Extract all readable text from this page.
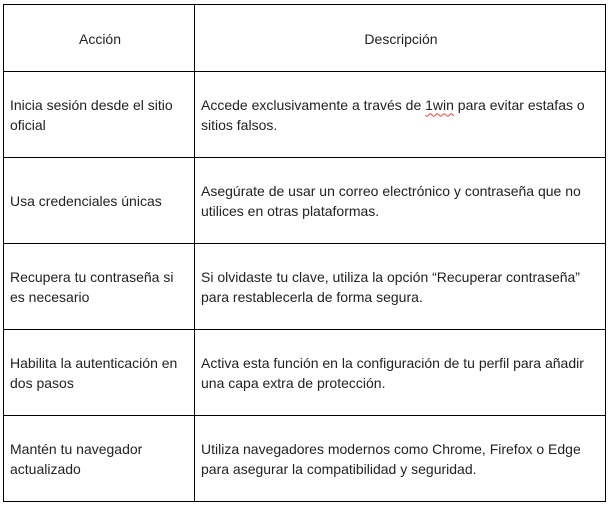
Acción	Descripción
Inicia sesión desde el sitio oficial	Accede exclusivamente a través de 1win para evitar estafas o sitios falsos.
Usa credenciales únicas	Asegúrate de usar un correo electrónico y contraseña que no utilices en otras plataformas.
Recupera tu contraseña si es necesario	Si olvidaste tu clave, utiliza la opción “Recuperar contraseña” para restablecerla de forma segura.
Habilita la autenticación en dos pasos	Activa esta función en la configuración de tu perfil para añadir una capa extra de protección.
Mantén tu navegador actualizado	Utiliza navegadores modernos como Chrome, Firefox o Edge para asegurar la compatibilidad y seguridad.
